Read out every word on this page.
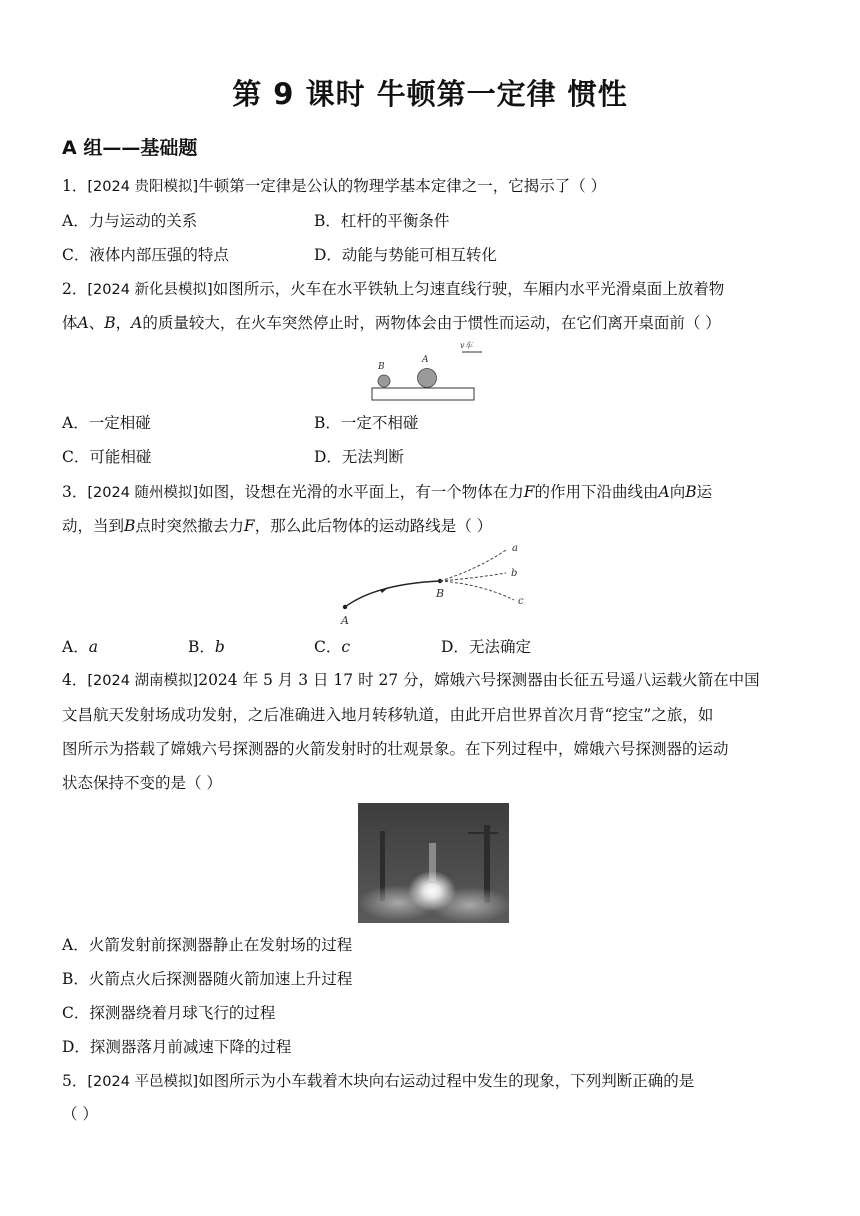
第 9 课时 牛顿第一定律 惯性
A 组——基础题
1．[2024 贵阳模拟]牛顿第一定律是公认的物理学基本定律之一，它揭示了（ ）
A．力与运动的关系	B．杠杆的平衡条件
C．液体内部压强的特点	D．动能与势能可相互转化
2．[2024 新化县模拟]如图所示，火车在水平铁轨上匀速直线行驶，车厢内水平光滑桌面上放着物
体A、B，A的质量较大，在火车突然停止时，两物体会由于惯性而运动，在它们离开桌面前（ ）
v车
B
A
A．一定相碰	B．一定不相碰
C．可能相碰	D．无法判断
3．[2024 随州模拟]如图，设想在光滑的水平面上，有一个物体在力F的作用下沿曲线由A向B运
动，当到B点时突然撤去力F，那么此后物体的运动路线是（ ）
a
b
c
A
B
A．a	B．b	C．c	D．无法确定
4．[2024 湖南模拟]2024 年 5 月 3 日 17 时 27 分，嫦娥六号探测器由长征五号遥八运载火箭在中国
文昌航天发射场成功发射，之后准确进入地月转移轨道，由此开启世界首次月背“挖宝”之旅，如
图所示为搭载了嫦娥六号探测器的火箭发射时的壮观景象。在下列过程中，嫦娥六号探测器的运动
状态保持不变的是（ ）
A．火箭发射前探测器静止在发射场的过程
B．火箭点火后探测器随火箭加速上升过程
C．探测器绕着月球飞行的过程
D．探测器落月前减速下降的过程
5．[2024 平邑模拟]如图所示为小车载着木块向右运动过程中发生的现象，下列判断正确的是
（ ）
